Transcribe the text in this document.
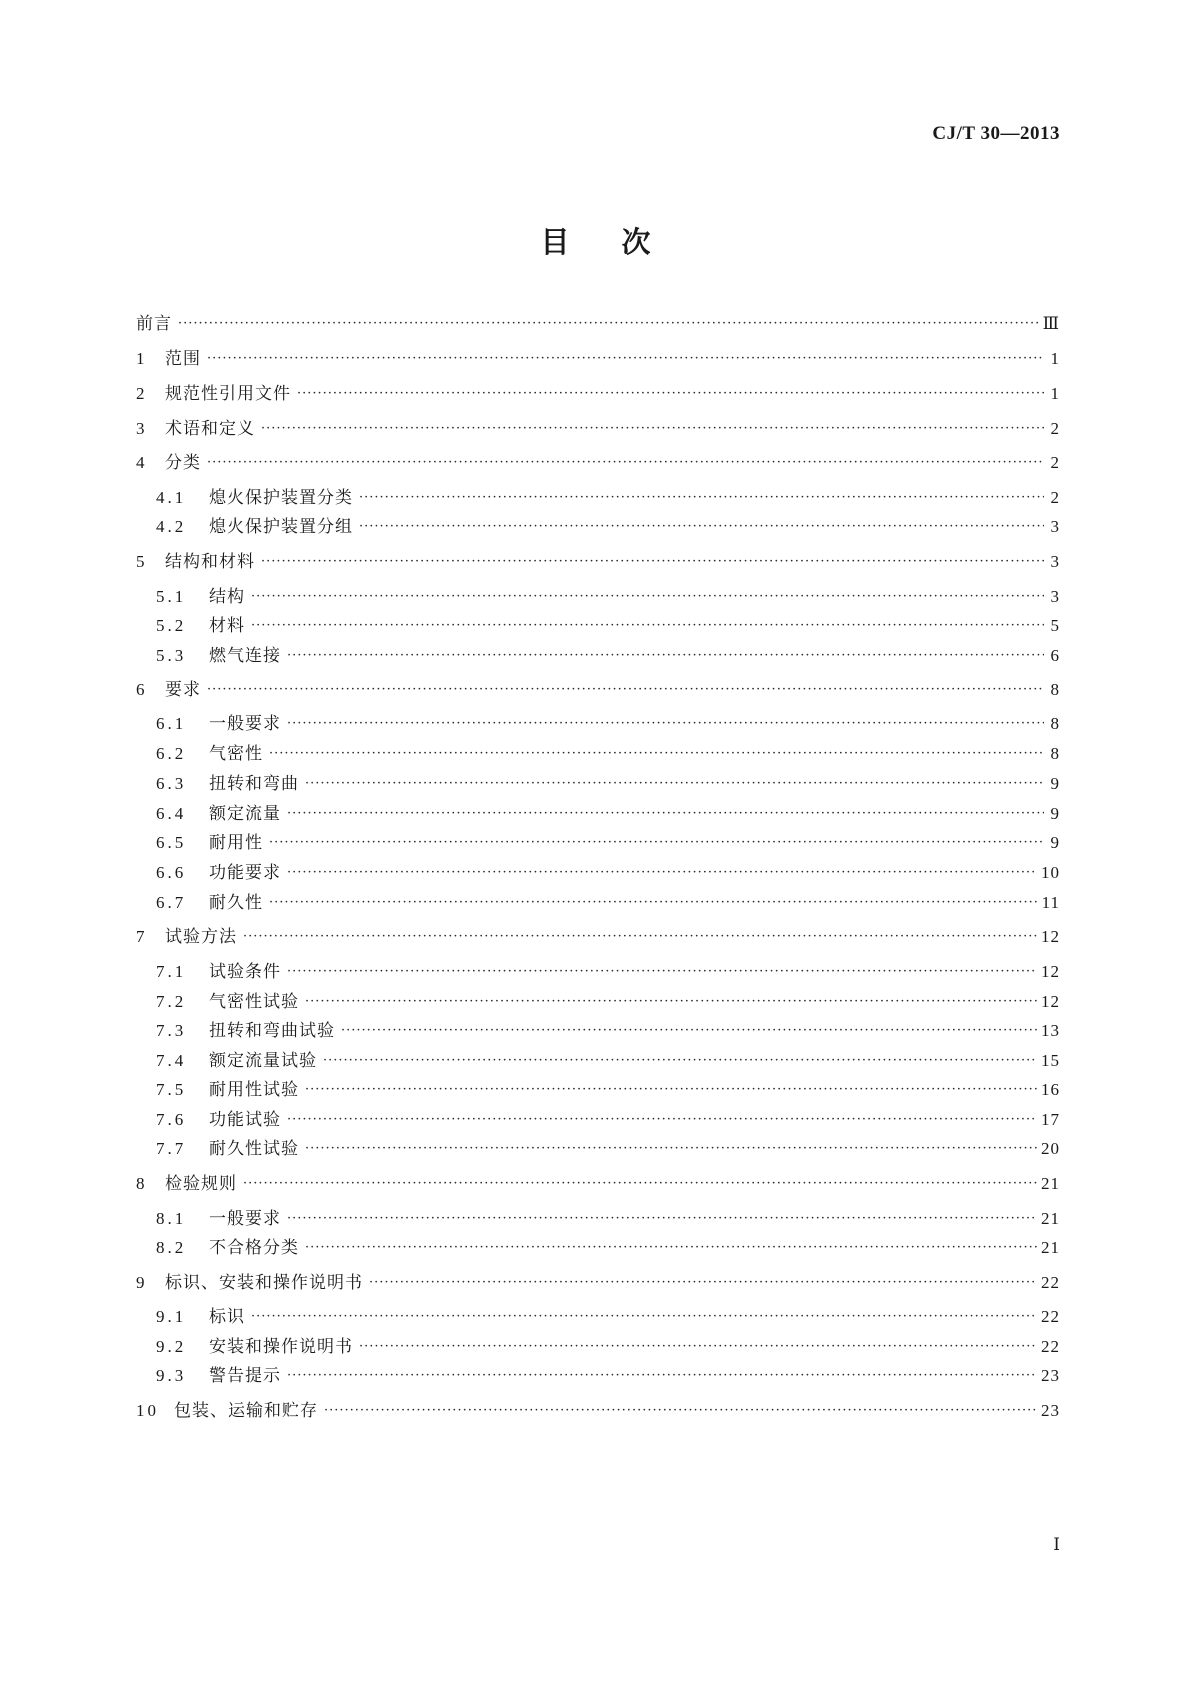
CJ/T 30—2013
目 次
前言 ·····	Ⅲ
1	范围 ·····	1
2	规范性引用文件 ·····	1
3	术语和定义 ·····	2
4	分类 ·····	2
4.1	熄火保护装置分类 ·····	2
4.2	熄火保护装置分组 ·····	3
5	结构和材料 ·····	3
5.1	结构 ·····	3
5.2	材料 ·····	5
5.3	燃气连接 ·····	6
6	要求 ·····	8
6.1	一般要求 ·····	8
6.2	气密性 ·····	8
6.3	扭转和弯曲 ·····	9
6.4	额定流量 ·····	9
6.5	耐用性 ·····	9
6.6	功能要求 ·····	10
6.7	耐久性 ·····	11
7	试验方法 ·····	12
7.1	试验条件 ·····	12
7.2	气密性试验 ·····	12
7.3	扭转和弯曲试验 ·····	13
7.4	额定流量试验 ·····	15
7.5	耐用性试验 ·····	16
7.6	功能试验 ·····	17
7.7	耐久性试验 ·····	20
8	检验规则 ·····	21
8.1	一般要求 ·····	21
8.2	不合格分类 ·····	21
9	标识、安装和操作说明书 ·····	22
9.1	标识 ·····	22
9.2	安装和操作说明书 ·····	22
9.3	警告提示 ·····	23
10 包装、运输和贮存 ·····	23
Ⅰ
